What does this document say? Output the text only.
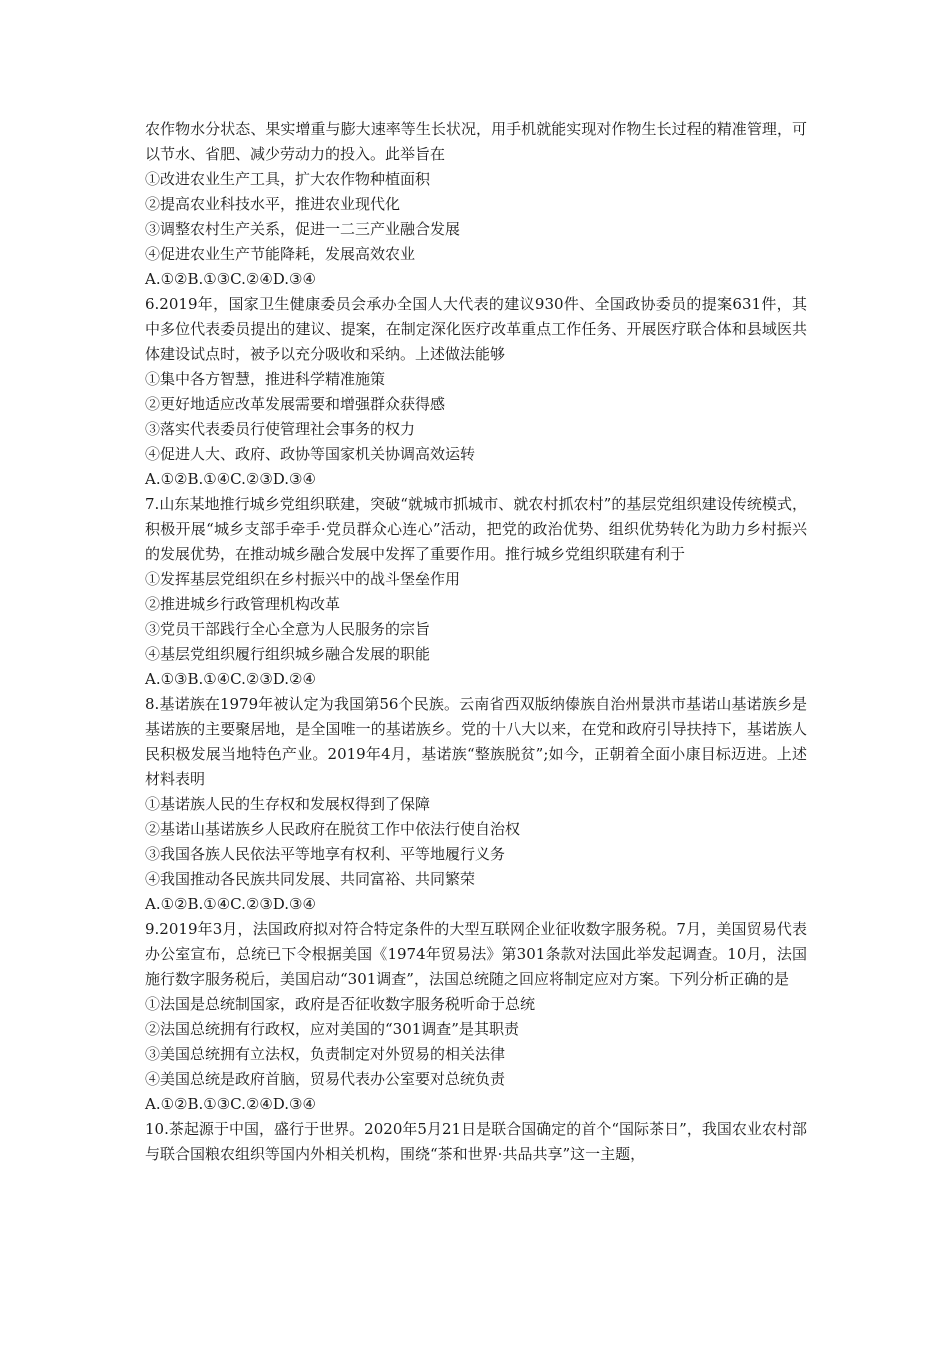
农作物水分状态、果实增重与膨大速率等生长状况，用手机就能实现对作物生长过程的精准管理，可以节水、省肥、减少劳动力的投入。此举旨在
①改进农业生产工具，扩大农作物种植面积
②提高农业科技水平，推进农业现代化
③调整农村生产关系，促进一二三产业融合发展
④促进农业生产节能降耗，发展高效农业
A.①②B.①③C.②④D.③④
6.2019年，国家卫生健康委员会承办全国人大代表的建议930件、全国政协委员的提案631件，其中多位代表委员提出的建议、提案，在制定深化医疗改革重点工作任务、开展医疗联合体和县域医共体建设试点时，被予以充分吸收和采纳。上述做法能够
①集中各方智慧，推进科学精准施策
②更好地适应改革发展需要和增强群众获得感
③落实代表委员行使管理社会事务的权力
④促进人大、政府、政协等国家机关协调高效运转
A.①②B.①④C.②③D.③④
7.山东某地推行城乡党组织联建，突破“就城市抓城市、就农村抓农村”的基层党组织建设传统模式，积极开展“城乡支部手牵手·党员群众心连心”活动，把党的政治优势、组织优势转化为助力乡村振兴的发展优势，在推动城乡融合发展中发挥了重要作用。推行城乡党组织联建有利于
①发挥基层党组织在乡村振兴中的战斗堡垒作用
②推进城乡行政管理机构改革
③党员干部践行全心全意为人民服务的宗旨
④基层党组织履行组织城乡融合发展的职能
A.①③B.①④C.②③D.②④
8.基诺族在1979年被认定为我国第56个民族。云南省西双版纳傣族自治州景洪市基诺山基诺族乡是基诺族的主要聚居地，是全国唯一的基诺族乡。党的十八大以来，在党和政府引导扶持下，基诺族人民积极发展当地特色产业。2019年4月，基诺族“整族脱贫”;如今，正朝着全面小康目标迈进。上述材料表明
①基诺族人民的生存权和发展权得到了保障
②基诺山基诺族乡人民政府在脱贫工作中依法行使自治权
③我国各族人民依法平等地享有权利、平等地履行义务
④我国推动各民族共同发展、共同富裕、共同繁荣
A.①②B.①④C.②③D.③④
9.2019年3月，法国政府拟对符合特定条件的大型互联网企业征收数字服务税。7月，美国贸易代表办公室宣布，总统已下令根据美国《1974年贸易法》第301条款对法国此举发起调查。10月，法国施行数字服务税后，美国启动“301调查”，法国总统随之回应将制定应对方案。下列分析正确的是
①法国是总统制国家，政府是否征收数字服务税听命于总统
②法国总统拥有行政权，应对美国的“301调查”是其职责
③美国总统拥有立法权，负责制定对外贸易的相关法律
④美国总统是政府首脑，贸易代表办公室要对总统负责
A.①②B.①③C.②④D.③④
10.茶起源于中国，盛行于世界。2020年5月21日是联合国确定的首个“国际茶日”，我国农业农村部与联合国粮农组织等国内外相关机构，围绕“茶和世界·共品共享”这一主题，
